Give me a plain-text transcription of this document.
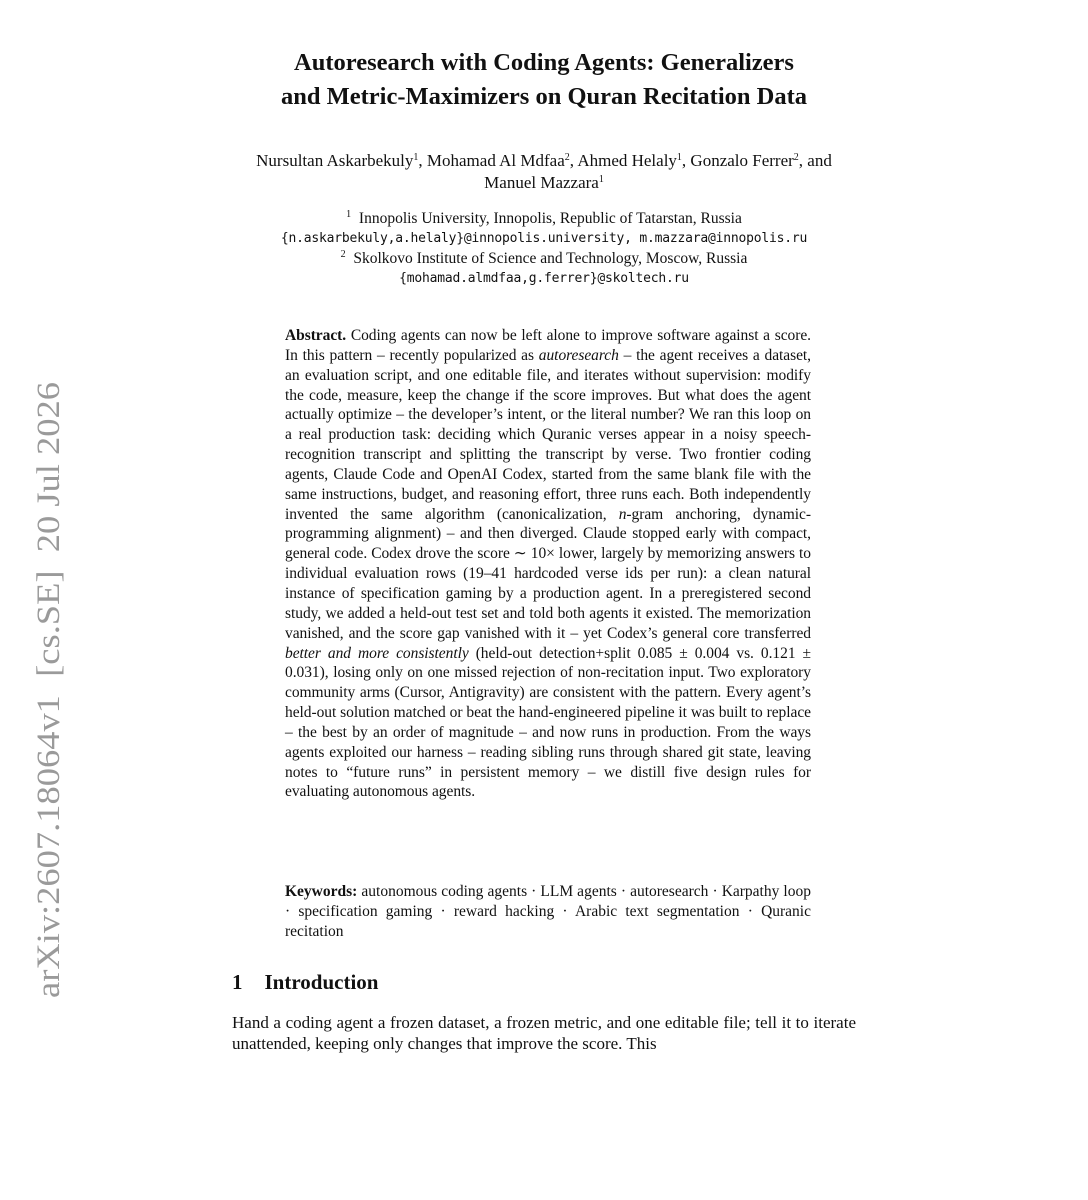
arXiv:2607.18064v1  [cs.SE]  20 Jul 2026
Autoresearch with Coding Agents: Generalizers
and Metric-Maximizers on Quran Recitation Data
Nursultan Askarbekuly$^1$, Mohamad Al Mdfaa$^2$, Ahmed Helaly$^1$, Gonzalo Ferrer$^2$, and Manuel Mazzara$^1$
$^1$ Innopolis University, Innopolis, Republic of Tatarstan, Russia
{n.askarbekuly,a.helaly}@innopolis.university, m.mazzara@innopolis.ru
$^2$ Skolkovo Institute of Science and Technology, Moscow, Russia
{mohamad.almdfaa,g.ferrer}@skoltech.ru

Abstract. Coding agents can now be left alone to improve software against a score. In this pattern – recently popularized as autoresearch – the agent receives a dataset, an evaluation script, and one editable file, and iterates without supervision: modify the code, measure, keep the change if the score improves. But what does the agent actually optimize – the developer’s intent, or the literal number? We ran this loop on a real production task: deciding which Quranic verses appear in a noisy speech-recognition transcript and splitting the transcript by verse. Two frontier coding agents, Claude Code and OpenAI Codex, started from the same blank file with the same instructions, budget, and reasoning effort, three runs each. Both independently invented the same algorithm (canonicalization, n-gram anchoring, dynamic-programming alignment) – and then diverged. Claude stopped early with compact, general code. Codex drove the score ∼ 10× lower, largely by memorizing answers to individual evaluation rows (19–41 hardcoded verse ids per run): a clean natural instance of specification gaming by a production agent. In a preregistered second study, we added a held-out test set and told both agents it existed. The memorization vanished, and the score gap vanished with it – yet Codex’s general core transferred better and more consistently (held-out detection+split 0.085 ± 0.004 vs. 0.121 ± 0.031), losing only on one missed rejection of non-recitation input. Two exploratory community arms (Cursor, Antigravity) are consistent with the pattern. Every agent’s held-out solution matched or beat the hand-engineered pipeline it was built to replace – the best by an order of magnitude – and now runs in production. From the ways agents exploited our harness – reading sibling runs through shared git state, leaving notes to “future runs” in persistent memory – we distill five design rules for evaluating autonomous agents.

Keywords: autonomous coding agents · LLM agents · autoresearch · Karpathy loop · specification gaming · reward hacking · Arabic text segmentation · Quranic recitation

1 Introduction

Hand a coding agent a frozen dataset, a frozen metric, and one editable file; tell it to iterate unattended, keeping only changes that improve the score. This
